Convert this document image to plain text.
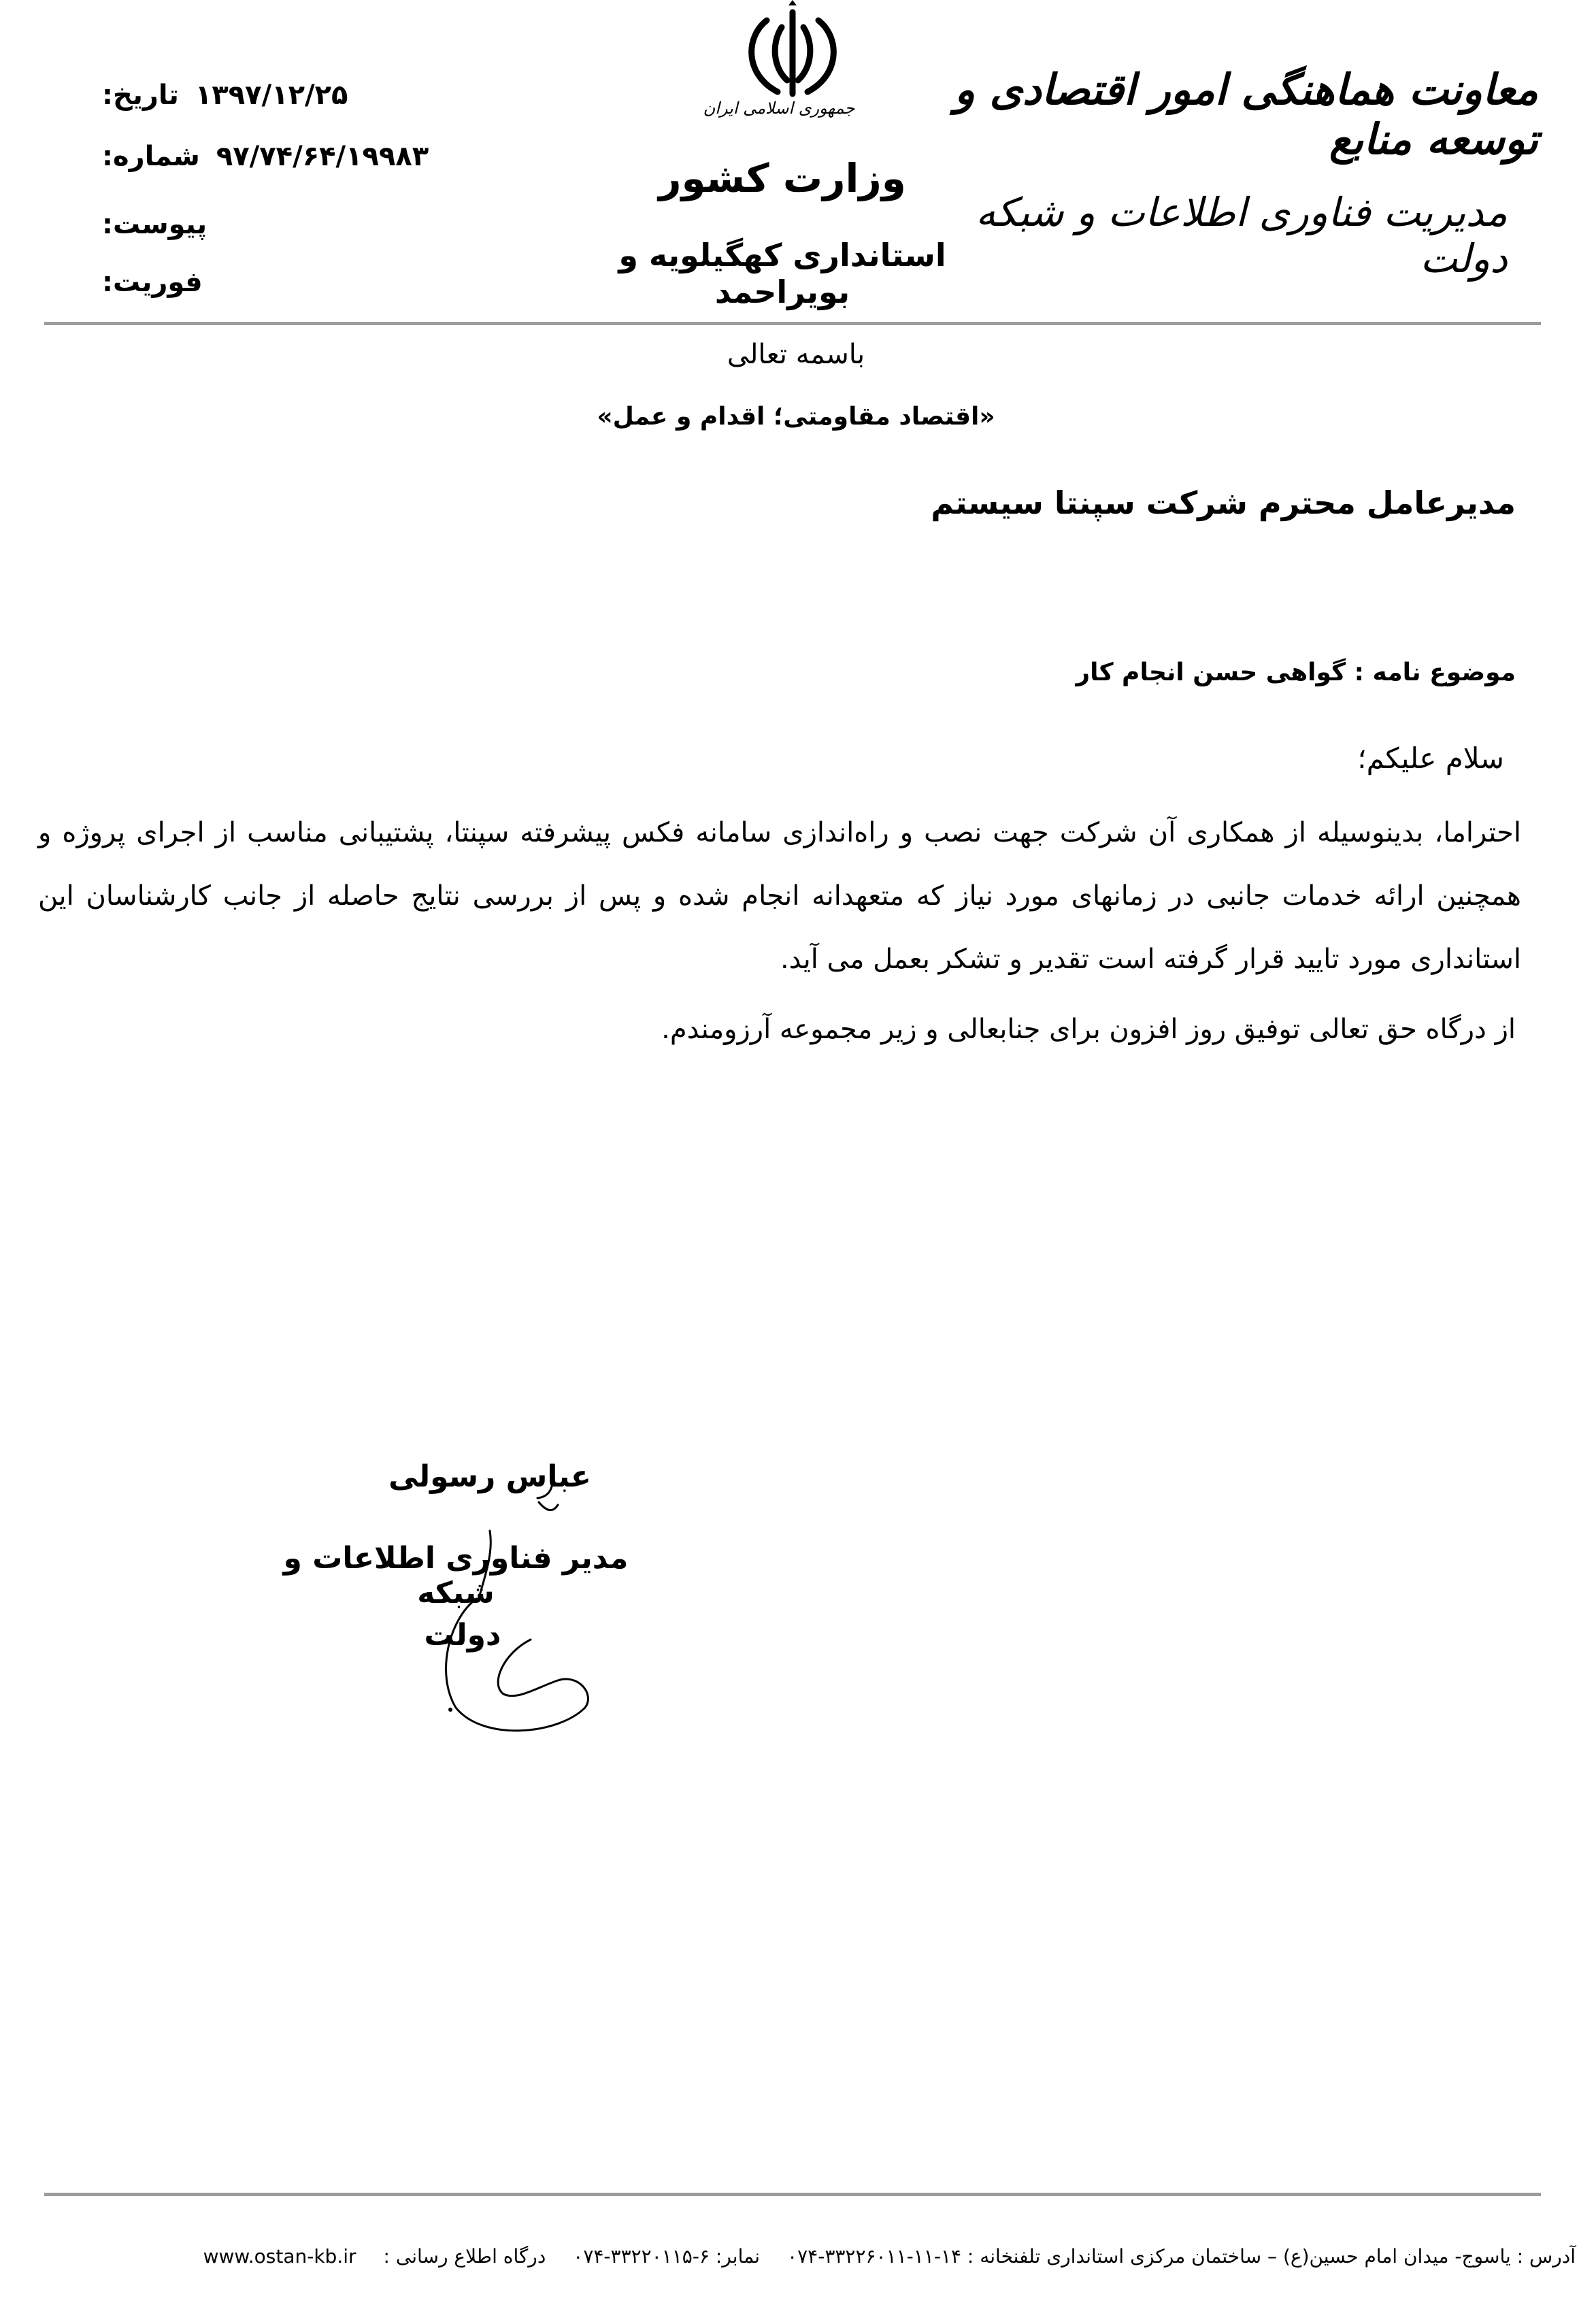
معاونت هماهنگی امور اقتصادی و توسعه منابع
مدیریت فناوری اطلاعات و شبکه دولت
جمهوری اسلامی ایران
وزارت کشور
استانداری کهگیلویه و بویراحمد
تاریخ: ۱۳۹۷/۱۲/۲۵
شماره: ۹۷/۷۴/۶۴/۱۹۹۸۳
پیوست:
فوریت:
باسمه تعالی
«اقتصاد مقاومتی؛ اقدام و عمل»
مدیرعامل محترم شرکت سپنتا سیستم
موضوع نامه : گواهی حسن انجام کار
سلام علیکم؛
احتراما، بدینوسیله از همکاری آن شرکت جهت نصب و راه‌اندازی سامانه فکس پیشرفته سپنتا، پشتیبانی مناسب از اجرای پروژه و همچنین ارائه خدمات جانبی در زمانهای مورد نیاز که متعهدانه انجام شده و پس از بررسی نتایج حاصله از جانب کارشناسان این استانداری مورد تایید قرار گرفته است تقدیر و تشکر بعمل می آید.
از درگاه حق تعالی توفیق روز افزون برای جنابعالی و زیر مجموعه آرزومندم.
عباس رسولی
مدیر فناوری اطلاعات و شبکه
دولت
آدرس : یاسوج- میدان امام حسین(ع) – ساختمان مرکزی استانداری تلفنخانه : ۱۴-۱۱-۳۳۲۲۶۰۱۱-۰۷۴
نمابر: ۶-۳۳۲۲۰۱۱۵-۰۷۴
درگاه اطلاع رسانی :
www.ostan-kb.ir
